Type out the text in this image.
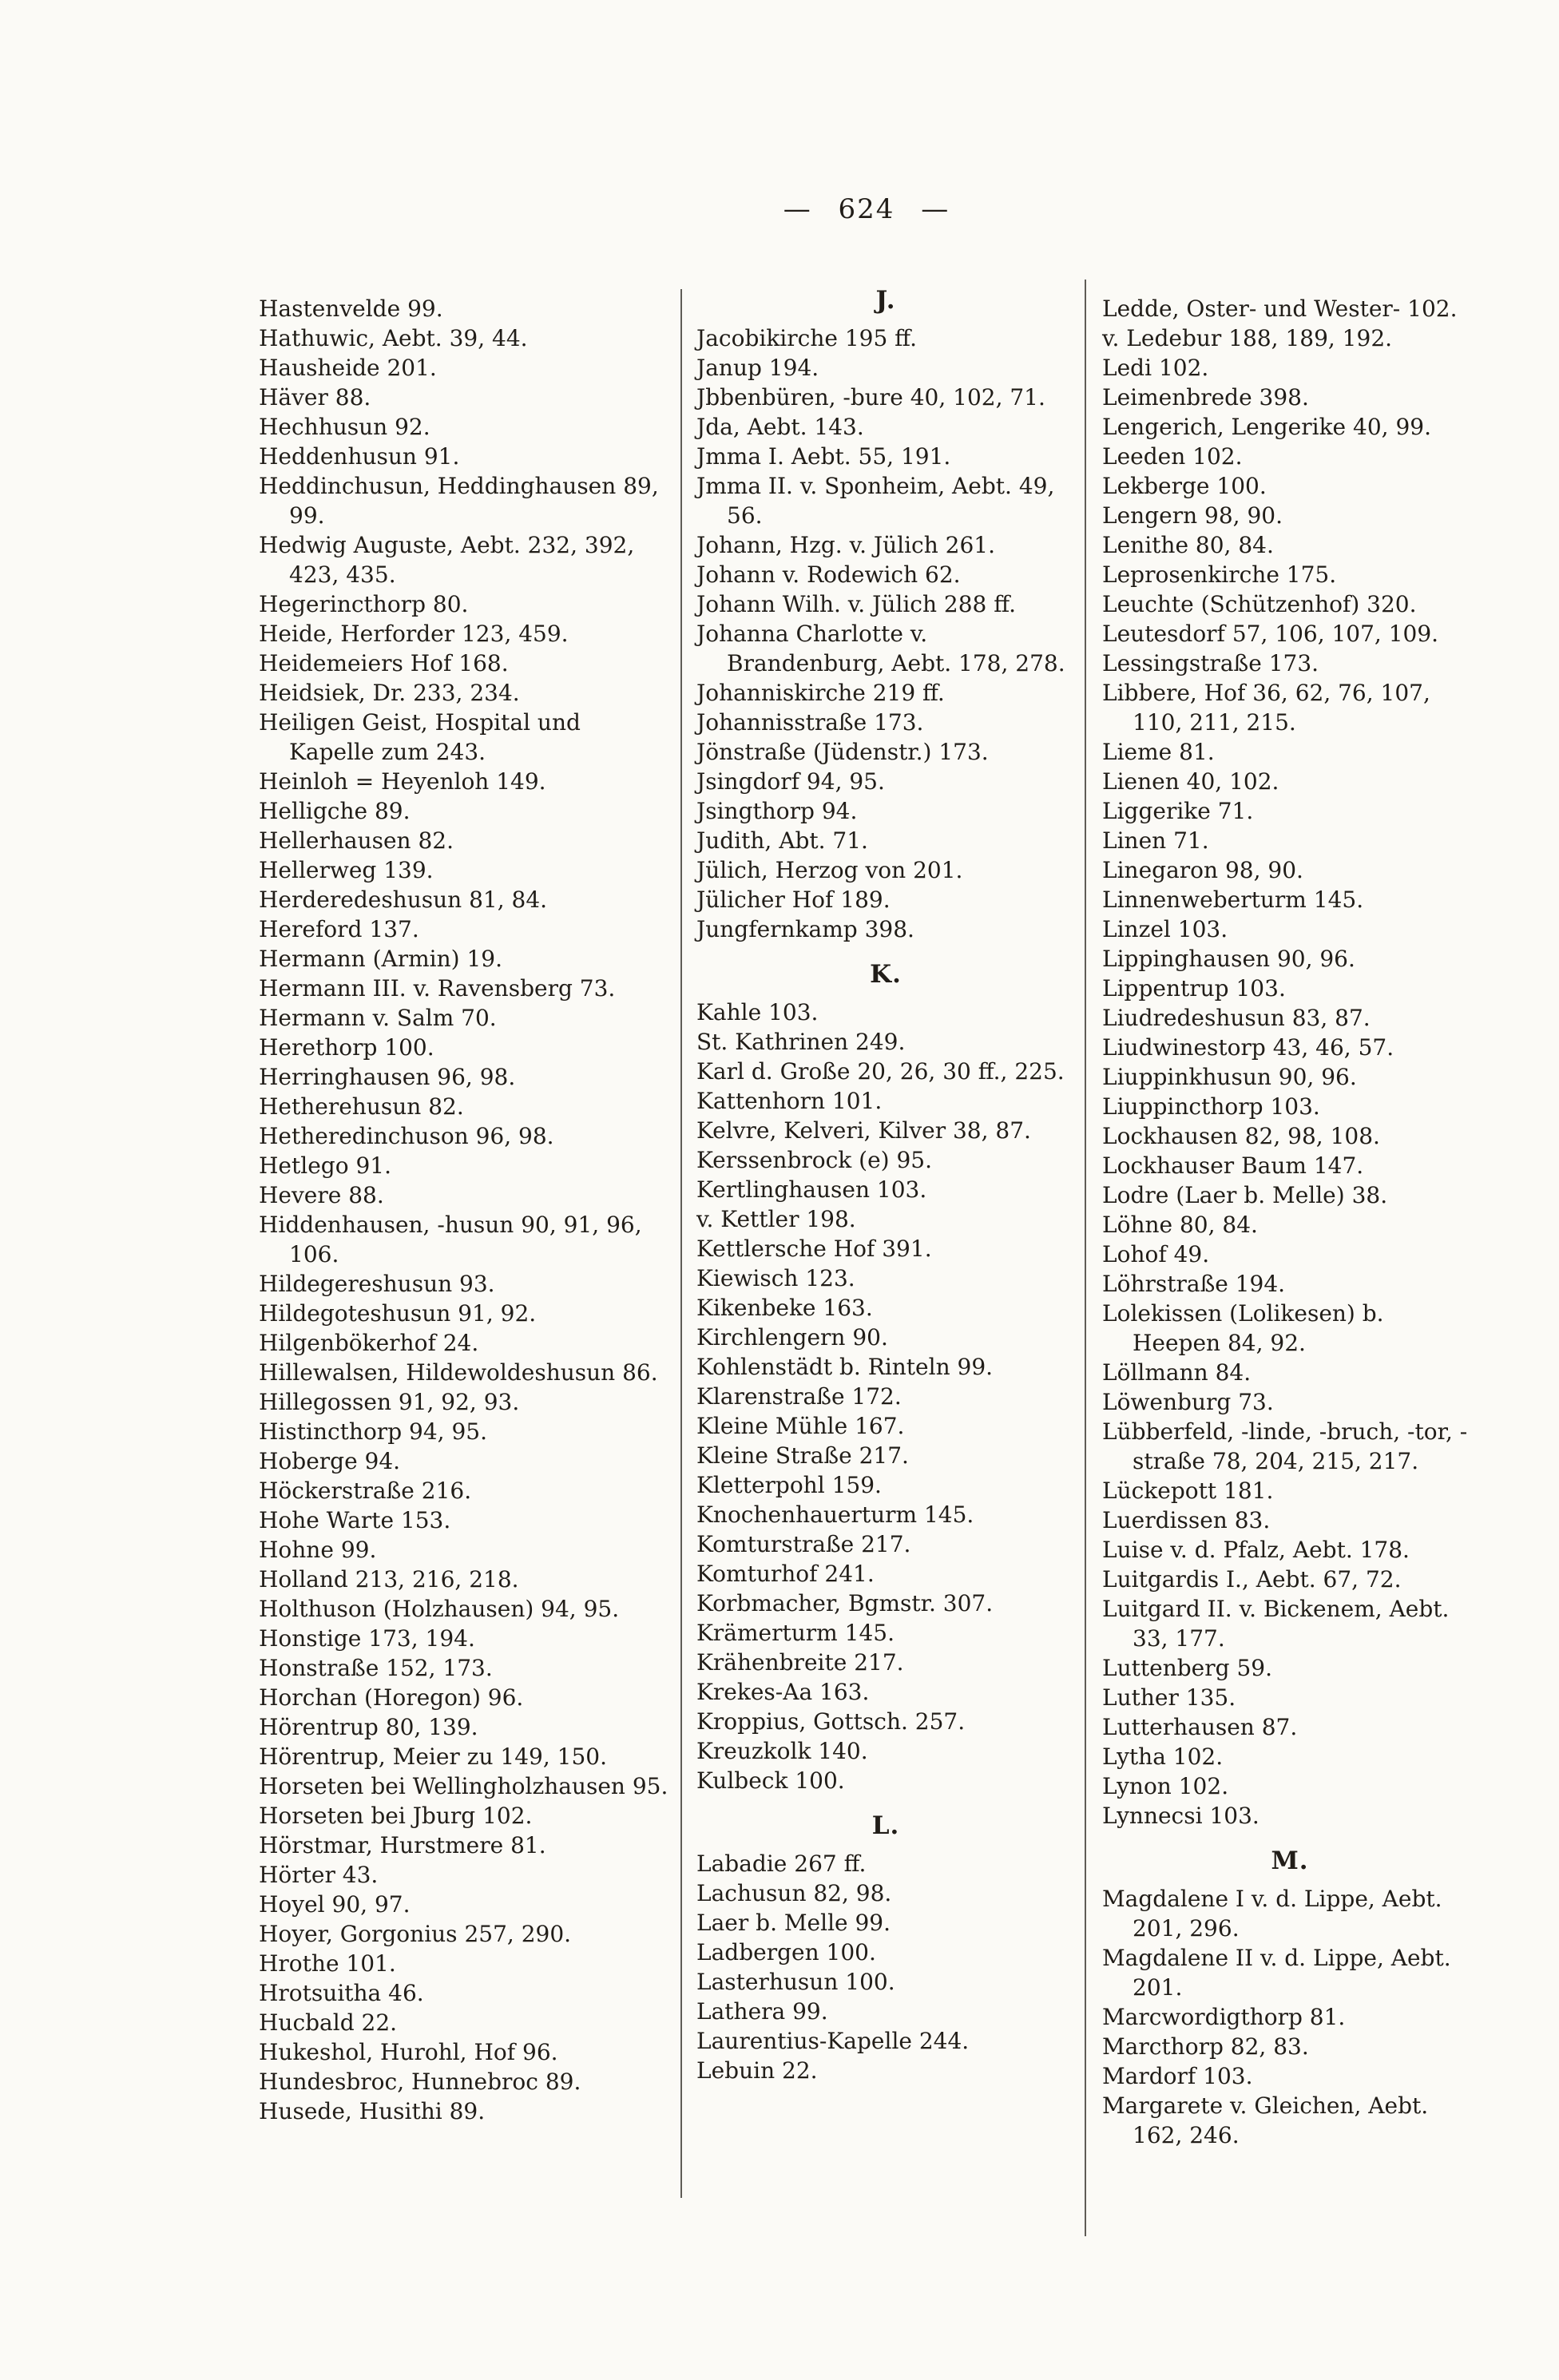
— 624 —
Hastenvelde 99.
Hathuwic, Aebt. 39, 44.
Hausheide 201.
Häver 88.
Hechhusun 92.
Heddenhusun 91.
Heddinchusun, Heddinghausen 89, 99.
Hedwig Auguste, Aebt. 232, 392, 423, 435.
Hegerincthorp 80.
Heide, Herforder 123, 459.
Heidemeiers Hof 168.
Heidsiek, Dr. 233, 234.
Heiligen Geist, Hospital und Kapelle zum 243.
Heinloh = Heyenloh 149.
Helligche 89.
Hellerhausen 82.
Hellerweg 139.
Herderedeshusun 81, 84.
Hereford 137.
Hermann (Armin) 19.
Hermann III. v. Ravensberg 73.
Hermann v. Salm 70.
Herethorp 100.
Herringhausen 96, 98.
Hetherehusun 82.
Hetheredinchuson 96, 98.
Hetlego 91.
Hevere 88.
Hiddenhausen, -husun 90, 91, 96, 106.
Hildegereshusun 93.
Hildegoteshusun 91, 92.
Hilgenbökerhof 24.
Hillewalsen, Hildewoldeshusun 86.
Hillegossen 91, 92, 93.
Histincthorp 94, 95.
Hoberge 94.
Höckerstraße 216.
Hohe Warte 153.
Hohne 99.
Holland 213, 216, 218.
Holthuson (Holzhausen) 94, 95.
Honstige 173, 194.
Honstraße 152, 173.
Horchan (Horegon) 96.
Hörentrup 80, 139.
Hörentrup, Meier zu 149, 150.
Horseten bei Wellingholzhausen 95.
Horseten bei Jburg 102.
Hörstmar, Hurstmere 81.
Hörter 43.
Hoyel 90, 97.
Hoyer, Gorgonius 257, 290.
Hrothe 101.
Hrotsuitha 46.
Hucbald 22.
Hukeshol, Hurohl, Hof 96.
Hundesbroc, Hunnebroc 89.
Husede, Husithi 89.
J.
Jacobikirche 195 ff.
Janup 194.
Jbbenbüren, -bure 40, 102, 71.
Jda, Aebt. 143.
Jmma I. Aebt. 55, 191.
Jmma II. v. Sponheim, Aebt. 49, 56.
Johann, Hzg. v. Jülich 261.
Johann v. Rodewich 62.
Johann Wilh. v. Jülich 288 ff.
Johanna Charlotte v. Brandenburg, Aebt. 178, 278.
Johanniskirche 219 ff.
Johannisstraße 173.
Jönstraße (Jüdenstr.) 173.
Jsingdorf 94, 95.
Jsingthorp 94.
Judith, Abt. 71.
Jülich, Herzog von 201.
Jülicher Hof 189.
Jungfernkamp 398.
K.
Kahle 103.
St. Kathrinen 249.
Karl d. Große 20, 26, 30 ff., 225.
Kattenhorn 101.
Kelvre, Kelveri, Kilver 38, 87.
Kerssenbrock (e) 95.
Kertlinghausen 103.
v. Kettler 198.
Kettlersche Hof 391.
Kiewisch 123.
Kikenbeke 163.
Kirchlengern 90.
Kohlenstädt b. Rinteln 99.
Klarenstraße 172.
Kleine Mühle 167.
Kleine Straße 217.
Kletterpohl 159.
Knochenhauerturm 145.
Komturstraße 217.
Komturhof 241.
Korbmacher, Bgmstr. 307.
Krämerturm 145.
Krähenbreite 217.
Krekes-Aa 163.
Kroppius, Gottsch. 257.
Kreuzkolk 140.
Kulbeck 100.
L.
Labadie 267 ff.
Lachusun 82, 98.
Laer b. Melle 99.
Ladbergen 100.
Lasterhusun 100.
Lathera 99.
Laurentius-Kapelle 244.
Lebuin 22.
Ledde, Oster- und Wester- 102.
v. Ledebur 188, 189, 192.
Ledi 102.
Leimenbrede 398.
Lengerich, Lengerike 40, 99.
Leeden 102.
Lekberge 100.
Lengern 98, 90.
Lenithe 80, 84.
Leprosenkirche 175.
Leuchte (Schützenhof) 320.
Leutesdorf 57, 106, 107, 109.
Lessingstraße 173.
Libbere, Hof 36, 62, 76, 107, 110, 211, 215.
Lieme 81.
Lienen 40, 102.
Liggerike 71.
Linen 71.
Linegaron 98, 90.
Linnenweberturm 145.
Linzel 103.
Lippinghausen 90, 96.
Lippentrup 103.
Liudredeshusun 83, 87.
Liudwinestorp 43, 46, 57.
Liuppinkhusun 90, 96.
Liuppincthorp 103.
Lockhausen 82, 98, 108.
Lockhauser Baum 147.
Lodre (Laer b. Melle) 38.
Löhne 80, 84.
Lohof 49.
Löhrstraße 194.
Lolekissen (Lolikesen) b. Heepen 84, 92.
Löllmann 84.
Löwenburg 73.
Lübberfeld, -linde, -bruch, -tor, -straße 78, 204, 215, 217.
Lückepott 181.
Luerdissen 83.
Luise v. d. Pfalz, Aebt. 178.
Luitgardis I., Aebt. 67, 72.
Luitgard II. v. Bickenem, Aebt. 33, 177.
Luttenberg 59.
Luther 135.
Lutterhausen 87.
Lytha 102.
Lynon 102.
Lynnecsi 103.
M.
Magdalene I v. d. Lippe, Aebt. 201, 296.
Magdalene II v. d. Lippe, Aebt. 201.
Marcwordigthorp 81.
Marcthorp 82, 83.
Mardorf 103.
Margarete v. Gleichen, Aebt. 162, 246.
